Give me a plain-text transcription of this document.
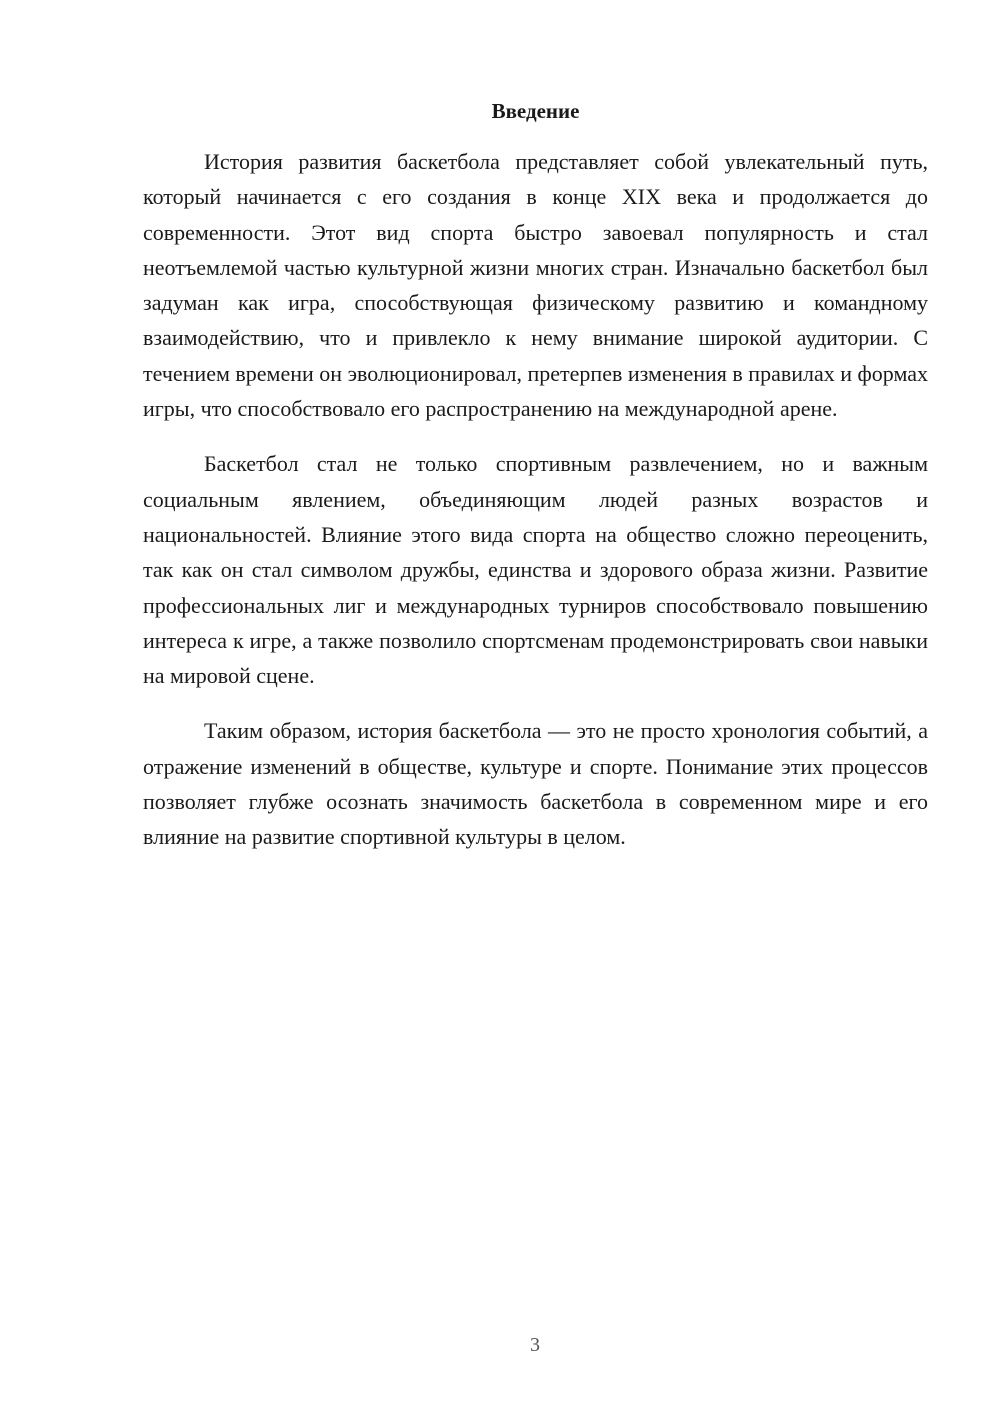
Введение

История развития баскетбола представляет собой увлекательный путь, который начинается с его создания в конце XIX века и продолжается до современности. Этот вид спорта быстро завоевал популярность и стал неотъемлемой частью культурной жизни многих стран. Изначально баскетбол был задуман как игра, способствующая физическому развитию и командному взаимодействию, что и привлекло к нему внимание широкой аудитории. С течением времени он эволюционировал, претерпев изменения в правилах и формах игры, что способствовало его распространению на международной арене.

Баскетбол стал не только спортивным развлечением, но и важным социальным явлением, объединяющим людей разных возрастов и национальностей. Влияние этого вида спорта на общество сложно переоценить, так как он стал символом дружбы, единства и здорового образа жизни. Развитие профессиональных лиг и международных турниров способствовало повышению интереса к игре, а также позволило спортсменам продемонстрировать свои навыки на мировой сцене.

Таким образом, история баскетбола — это не просто хронология событий, а отражение изменений в обществе, культуре и спорте. Понимание этих процессов позволяет глубже осознать значимость баскетбола в современном мире и его влияние на развитие спортивной культуры в целом.

3
